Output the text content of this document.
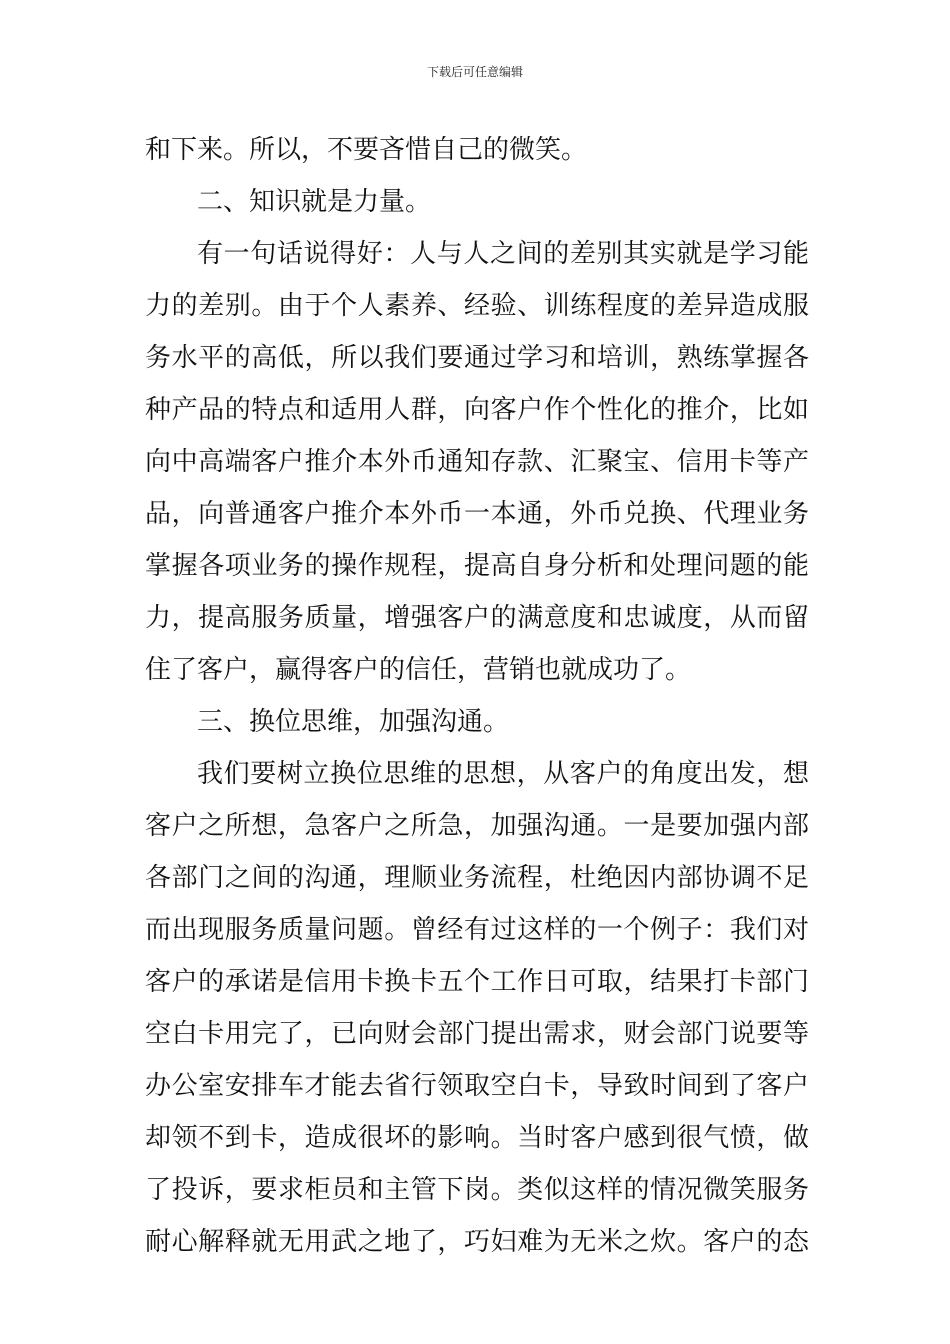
下载后可任意编辑
和下来。所以，不要吝惜自己的微笑。
二、知识就是力量。
有一句话说得好：人与人之间的差别其实就是学习能
力的差别。由于个人素养、经验、训练程度的差异造成服
务水平的高低，所以我们要通过学习和培训，熟练掌握各
种产品的特点和适用人群，向客户作个性化的推介，比如
向中高端客户推介本外币通知存款、汇聚宝、信用卡等产
品，向普通客户推介本外币一本通，外币兑换、代理业务
掌握各项业务的操作规程，提高自身分析和处理问题的能
力，提高服务质量，增强客户的满意度和忠诚度，从而留
住了客户，赢得客户的信任，营销也就成功了。
三、换位思维，加强沟通。
我们要树立换位思维的思想，从客户的角度出发，想
客户之所想，急客户之所急，加强沟通。一是要加强内部
各部门之间的沟通，理顺业务流程，杜绝因内部协调不足
而出现服务质量问题。曾经有过这样的一个例子：我们对
客户的承诺是信用卡换卡五个工作日可取，结果打卡部门
空白卡用完了，已向财会部门提出需求，财会部门说要等
办公室安排车才能去省行领取空白卡，导致时间到了客户
却领不到卡，造成很坏的影响。当时客户感到很气愤，做
了投诉，要求柜员和主管下岗。类似这样的情况微笑服务
耐心解释就无用武之地了，巧妇难为无米之炊。客户的态
